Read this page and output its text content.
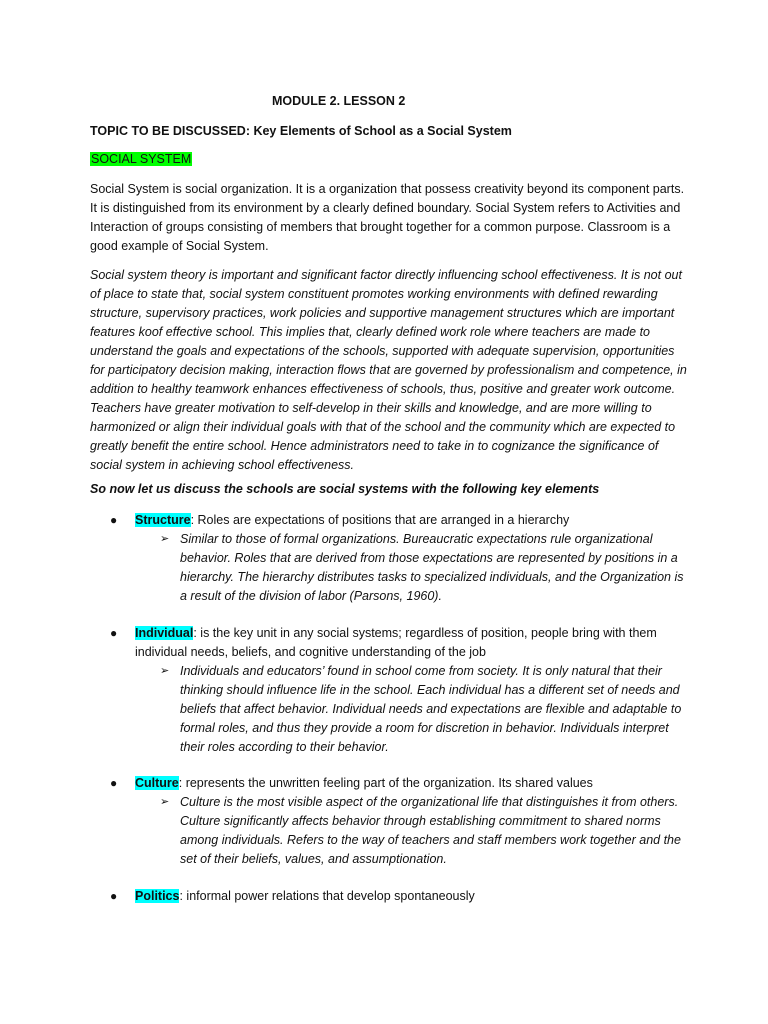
MODULE 2. LESSON 2
TOPIC TO BE DISCUSSED: Key Elements of School as a Social System
SOCIAL SYSTEM
Social System is social organization. It is a organization that possess creativity beyond its component parts. It is distinguished from its environment by a clearly defined boundary. Social System refers to Activities and Interaction of groups consisting of members that brought together for a common purpose. Classroom is a good example of Social System.
Social system theory is important and significant factor directly influencing school effectiveness. It is not out of place to state that, social system constituent promotes working environments with defined rewarding structure, supervisory practices, work policies and supportive management structures which are important features koof effective school. This implies that, clearly defined work role where teachers are made to understand the goals and expectations of the schools, supported with adequate supervision, opportunities for participatory decision making, interaction flows that are governed by professionalism and competence, in addition to healthy teamwork enhances effectiveness of schools, thus, positive and greater work outcome. Teachers have greater motivation to self-develop in their skills and knowledge, and are more willing to harmonized or align their individual goals with that of the school and the community which are expected to greatly benefit the entire school. Hence administrators need to take in to cognizance the significance of social system in achieving school effectiveness.
So now let us discuss the schools are social systems with the following key elements
● Structure: Roles are expectations of positions that are arranged in a hierarchy
➢ Similar to those of formal organizations. Bureaucratic expectations rule organizational behavior. Roles that are derived from those expectations are represented by positions in a hierarchy. The hierarchy distributes tasks to specialized individuals, and the Organization is a result of the division of labor (Parsons, 1960).
● Individual: is the key unit in any social systems; regardless of position, people bring with them individual needs, beliefs, and cognitive understanding of the job
➢ Individuals and educators’ found in school come from society. It is only natural that their thinking should influence life in the school. Each individual has a different set of needs and beliefs that affect behavior. Individual needs and expectations are flexible and adaptable to formal roles, and thus they provide a room for discretion in behavior. Individuals interpret their roles according to their behavior.
● Culture: represents the unwritten feeling part of the organization. Its shared values
➢ Culture is the most visible aspect of the organizational life that distinguishes it from others. Culture significantly affects behavior through establishing commitment to shared norms among individuals. Refers to the way of teachers and staff members work together and the set of their beliefs, values, and assumptionation.
● Politics: informal power relations that develop spontaneously
